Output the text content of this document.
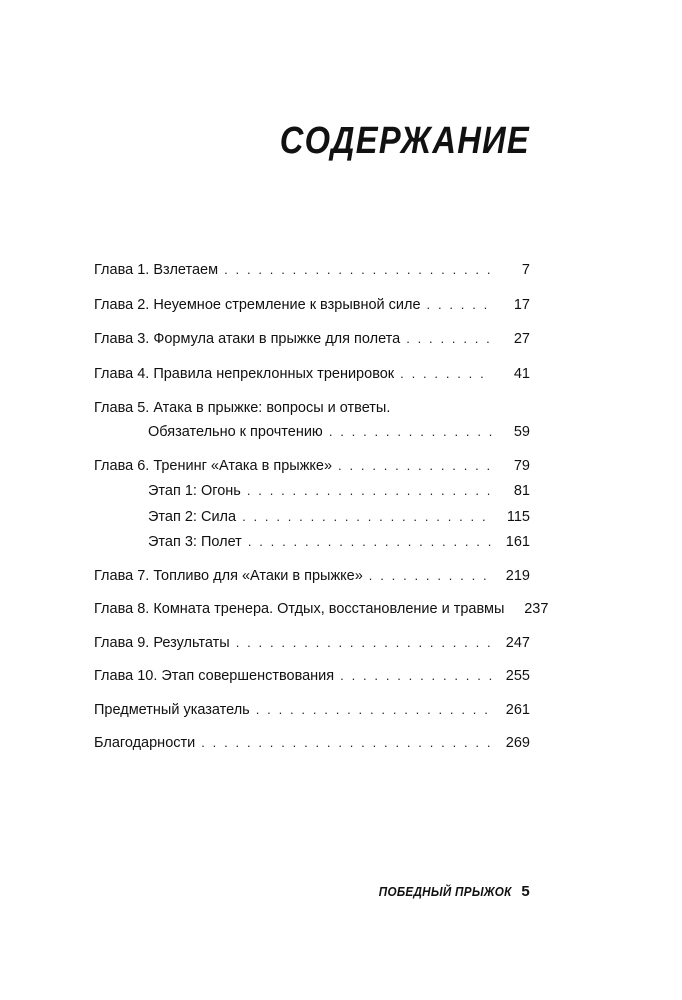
СОДЕРЖАНИЕ
Глава 1. Взлетаем . . .	7
Глава 2. Неуемное стремление к взрывной силе . . .	17
Глава 3. Формула атаки в прыжке для полета . . .	27
Глава 4. Правила непреклонных тренировок . . .	41
Глава 5. Атака в прыжке: вопросы и ответы.
Обязательно к прочтению . . .	59
Глава 6. Тренинг «Атака в прыжке» . . .	79
Этап 1: Огонь . . .	81
Этап 2: Сила . . .	115
Этап 3: Полет . . .	161
Глава 7. Топливо для «Атаки в прыжке» . . .	219
Глава 8. Комната тренера. Отдых, восстановление и травмы	237
Глава 9. Результаты . . .	247
Глава 10. Этап совершенствования . . .	255
Предметный указатель . . .	261
Благодарности . . .	269
ПОБЕДНЫЙ ПРЫЖОК 5
